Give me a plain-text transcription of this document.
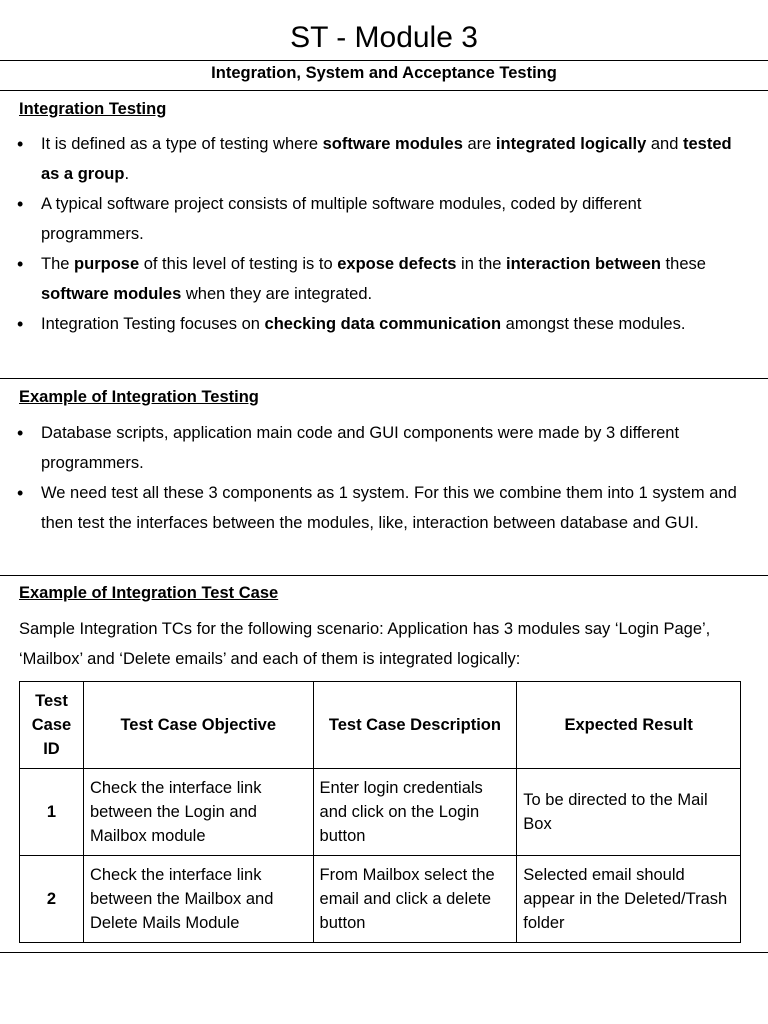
ST - Module 3
Integration, System and Acceptance Testing
Integration Testing
• It is defined as a type of testing where software modules are integrated logically and tested as a group.
• A typical software project consists of multiple software modules, coded by different programmers.
• The purpose of this level of testing is to expose defects in the interaction between these software modules when they are integrated.
• Integration Testing focuses on checking data communication amongst these modules.
Example of Integration Testing
• Database scripts, application main code and GUI components were made by 3 different programmers.
• We need test all these 3 components as 1 system. For this we combine them into 1 system and then test the interfaces between the modules, like, interaction between database and GUI.
Example of Integration Test Case
Sample Integration TCs for the following scenario: Application has 3 modules say ‘Login Page’, ‘Mailbox’ and ‘Delete emails’ and each of them is integrated logically:
Test Case ID	Test Case Objective	Test Case Description	Expected Result
1	Check the interface link between the Login and Mailbox module	Enter login credentials and click on the Login button	To be directed to the Mail Box
2	Check the interface link between the Mailbox and Delete Mails Module	From Mailbox select the email and click a delete button	Selected email should appear in the Deleted/Trash folder
